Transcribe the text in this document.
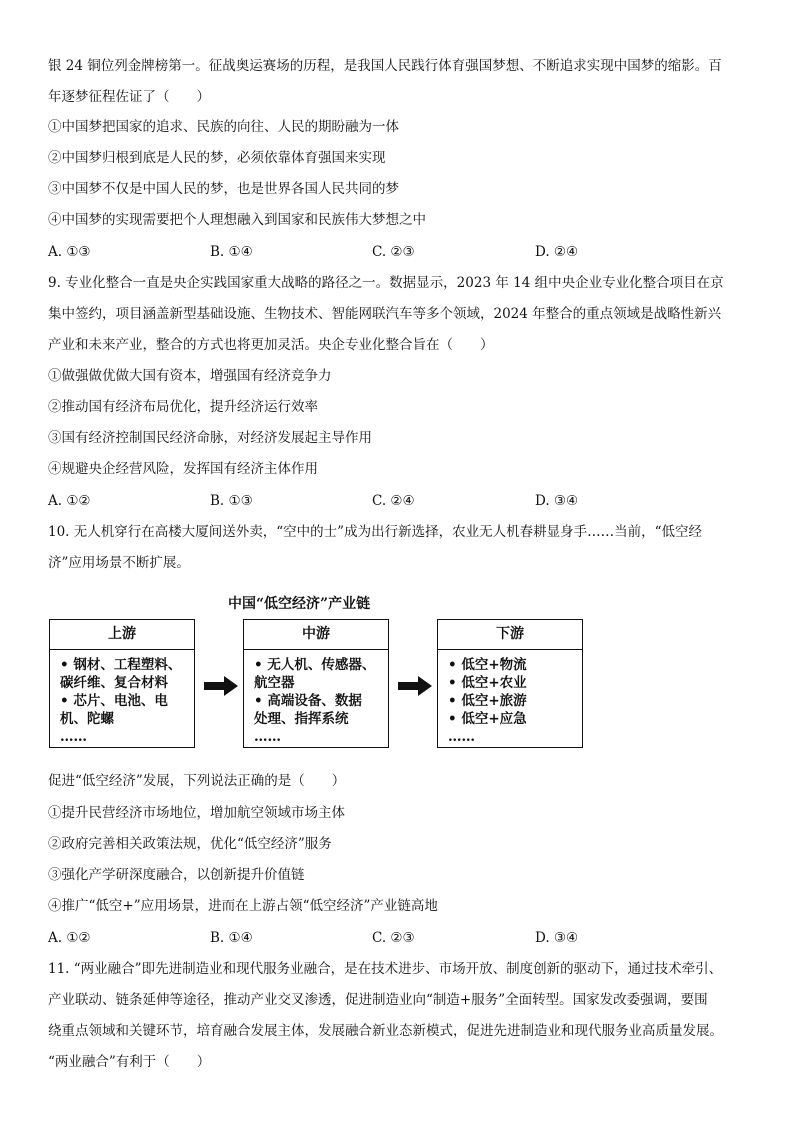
银 24 铜位列金牌榜第一。征战奥运赛场的历程，是我国人民践行体育强国梦想、不断追求实现中国梦的缩影。百
年逐梦征程佐证了（　　）
①中国梦把国家的追求、民族的向往、人民的期盼融为一体
②中国梦归根到底是人民的梦，必须依靠体育强国来实现
③中国梦不仅是中国人民的梦，也是世界各国人民共同的梦
④中国梦的实现需要把个人理想融入到国家和民族伟大梦想之中
A. ①③	B. ①④	C. ②③	D. ②④
9. 专业化整合一直是央企实践国家重大战略的路径之一。数据显示，2023 年 14 组中央企业专业化整合项目在京
集中签约，项目涵盖新型基础设施、生物技术、智能网联汽车等多个领域，2024 年整合的重点领域是战略性新兴
产业和未来产业，整合的方式也将更加灵活。央企专业化整合旨在（　　）
①做强做优做大国有资本，增强国有经济竞争力
②推动国有经济布局优化，提升经济运行效率
③国有经济控制国民经济命脉，对经济发展起主导作用
④规避央企经营风险，发挥国有经济主体作用
A. ①②	B. ①③	C. ②④	D. ③④
10. 无人机穿行在高楼大厦间送外卖，“空中的士”成为出行新选择，农业无人机春耕显身手……当前，“低空经
济”应用场景不断扩展。
中国“低空经济”产业链
上游
• 钢材、工程塑料、
碳纤维、复合材料
• 芯片、电池、电
机、陀螺
……
中游
• 无人机、传感器、
航空器
• 高端设备、数据
处理、指挥系统
……
下游
• 低空+物流
• 低空+农业
• 低空+旅游
• 低空+应急
……
促进“低空经济”发展，下列说法正确的是（　　）
①提升民营经济市场地位，增加航空领域市场主体
②政府完善相关政策法规，优化“低空经济”服务
③强化产学研深度融合，以创新提升价值链
④推广“低空+”应用场景，进而在上游占领“低空经济”产业链高地
A. ①②	B. ①④	C. ②③	D. ③④
11. “两业融合”即先进制造业和现代服务业融合，是在技术进步、市场开放、制度创新的驱动下，通过技术牵引、
产业联动、链条延伸等途径，推动产业交叉渗透，促进制造业向“制造+服务”全面转型。国家发改委强调，要围
绕重点领域和关键环节，培育融合发展主体，发展融合新业态新模式，促进先进制造业和现代服务业高质量发展。
“两业融合”有利于（　　）
